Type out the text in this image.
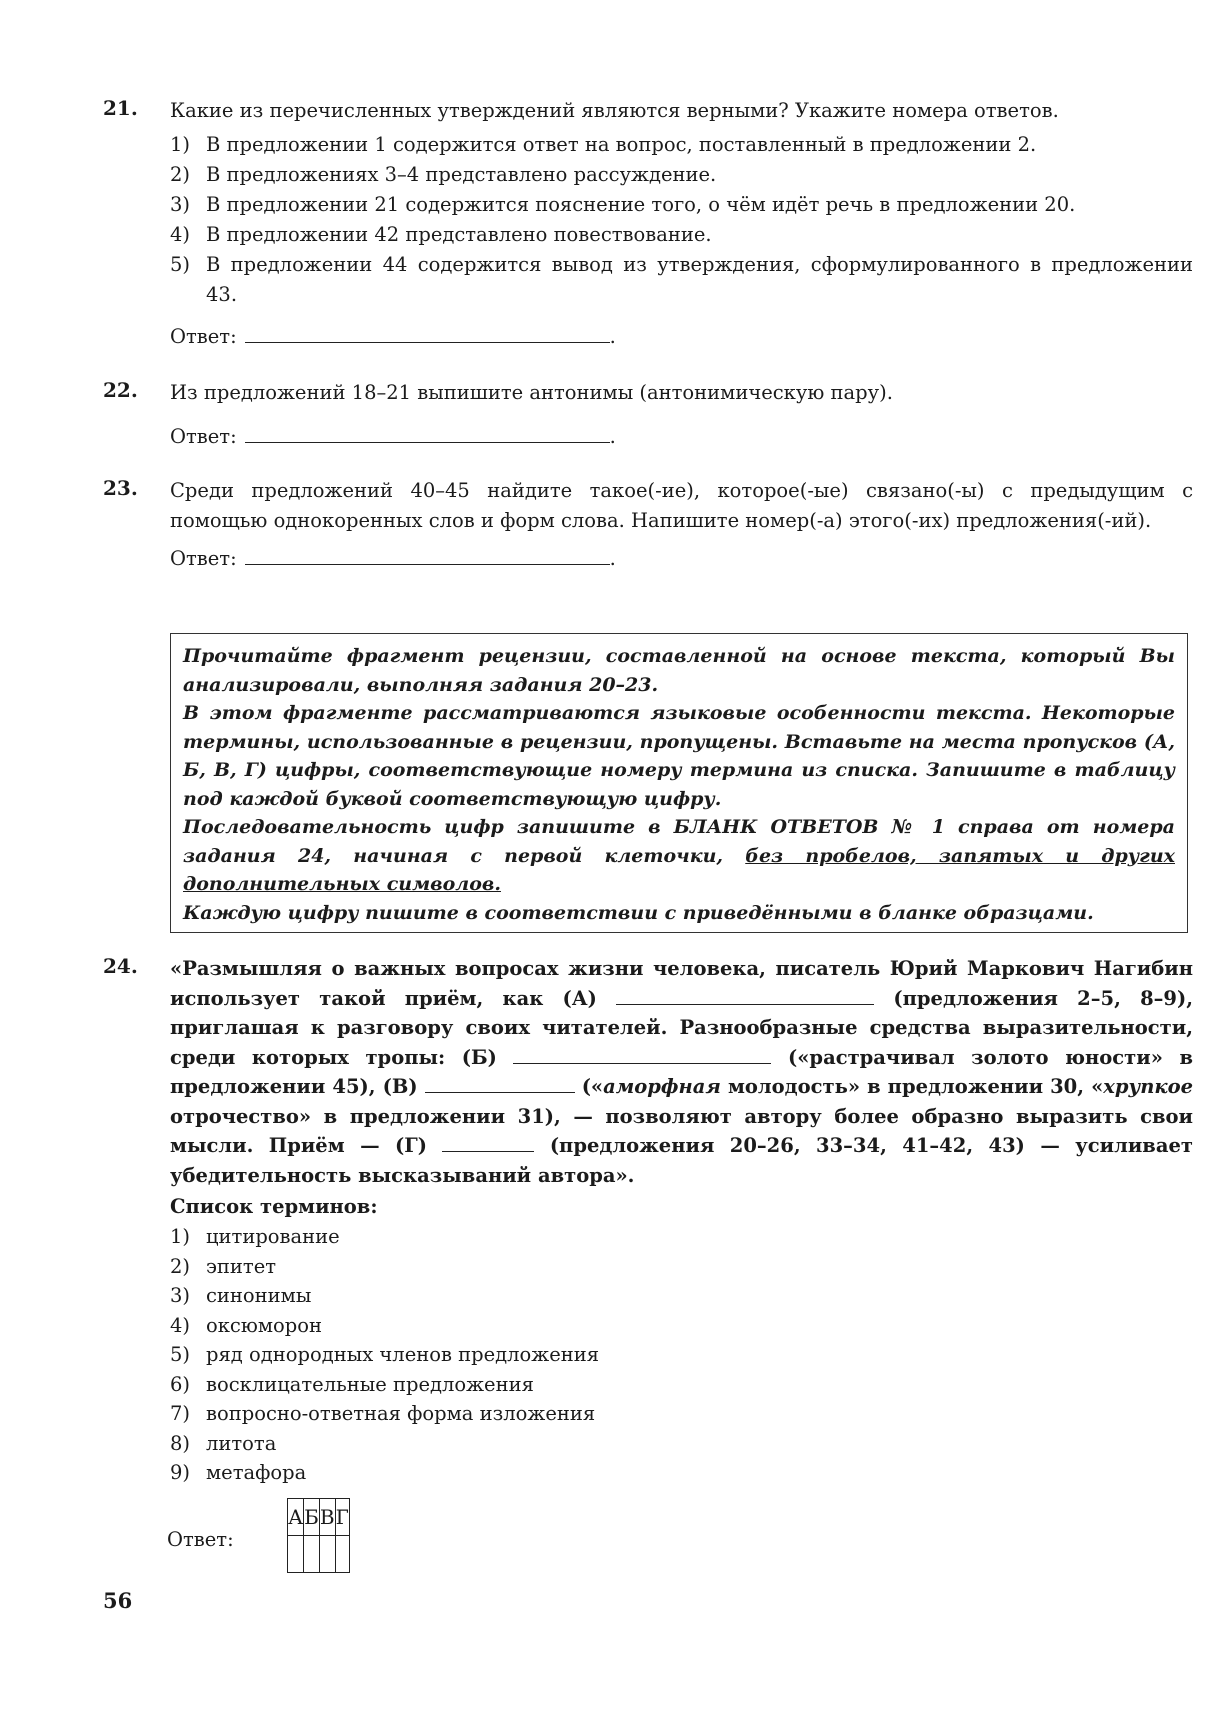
21. Какие из перечисленных утверждений являются верными? Укажите номера ответов.
1) В предложении 1 содержится ответ на вопрос, поставленный в предложении 2.
2) В предложениях 3–4 представлено рассуждение.
3) В предложении 21 содержится пояснение того, о чём идёт речь в предложении 20.
4) В предложении 42 представлено повествование.
5) В предложении 44 содержится вывод из утверждения, сформулированного в предложении 43.
Ответ:	.
22. Из предложений 18–21 выпишите антонимы (антонимическую пару).
Ответ:	.
23. Среди предложений 40–45 найдите такое(-ие), которое(-ые) связано(-ы) с предыдущим с помощью однокоренных слов и форм слова. Напишите номер(-а) этого(-их) предложения(-ий).
Ответ:	.

Прочитайте фрагмент рецензии, составленной на основе текста, который Вы анализировали, выполняя задания 20–23.

В этом фрагменте рассматриваются языковые особенности текста. Некоторые термины, использованные в рецензии, пропущены. Вставьте на места пропусков (А, Б, В, Г) цифры, соответствующие номеру термина из списка. Запишите в таблицу под каждой буквой соответствующую цифру.

Последовательность цифр запишите в БЛАНК ОТВЕТОВ № 1 справа от номера задания 24, начиная с первой клеточки, без пробелов, запятых и других дополнительных символов.

Каждую цифру пишите в соответствии с приведёнными в бланке образцами.

24. «Размышляя о важных вопросах жизни человека, писатель Юрий Маркович Нагибин использует такой приём, как (А)	(предложения 2–5, 8–9), приглашая к разговору своих читателей. Разнообразные средства выразительности, среди которых тропы: (Б)	(«растрачивал золото юности» в предложении 45), (В)	(«аморфная молодость» в предложении 30, «хрупкое отрочество» в предложении 31), — позволяют автору более образно выразить свои мысли. Приём — (Г)	(предложения 20–26, 33–34, 41–42, 43) — усиливает убедительность высказываний автора».
Список терминов:
1) цитирование
2) эпитет
3) синонимы
4) оксюморон
5) ряд однородных членов предложения
6) восклицательные предложения
7) вопросно-ответная форма изложения
8) литота
9) метафора
Ответ:
А	Б	В	Г

56
